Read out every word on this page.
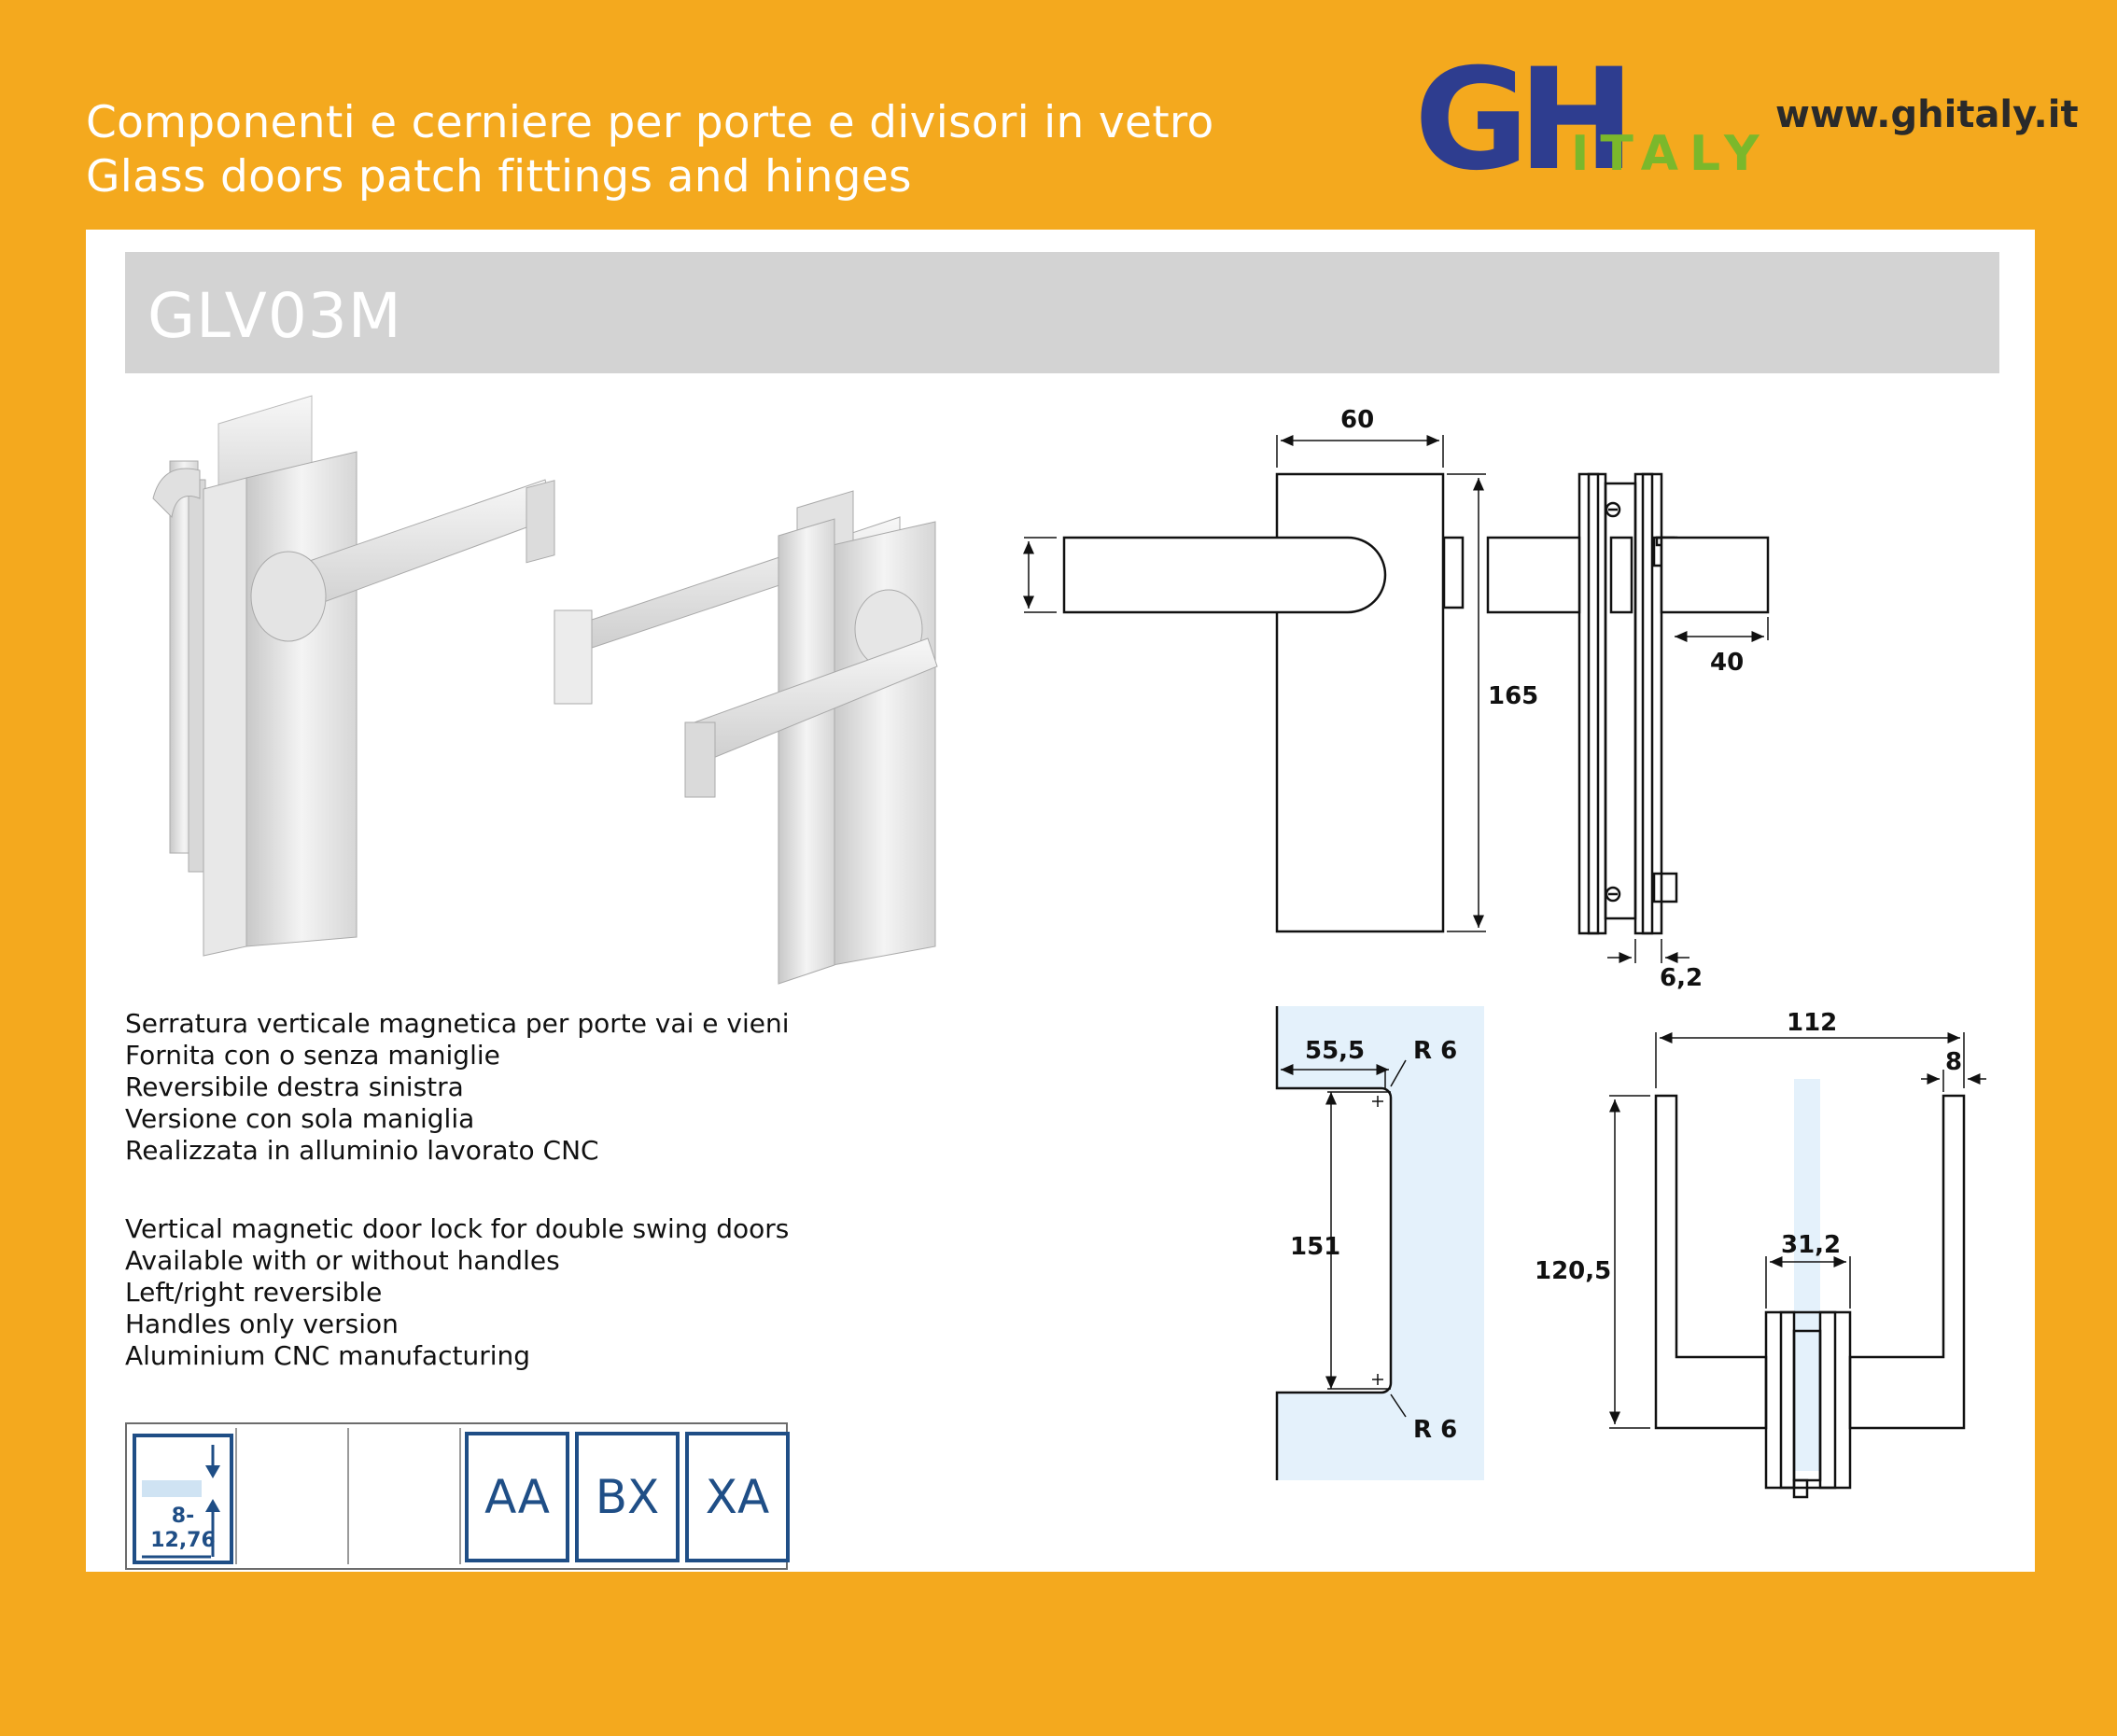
Componenti e cerniere per porte e divisori in vetro
Glass doors patch fittings and hinges	GH
ITALY
www.ghitaly.it
GLV03M
60
165
40
6,2
55,5 R 6
151
R 6
112
8
31,2
120,5
Serratura verticale magnetica per porte vai e vieni
Fornita con o senza maniglie
Reversibile destra sinistra
Versione con sola maniglia
Realizzata in alluminio lavorato CNC
Vertical magnetic door lock for double swing doors
Available with or without handles
Left/right reversible
Handles only version
Aluminium CNC manufacturing
8-
12,76
AA BX XA
